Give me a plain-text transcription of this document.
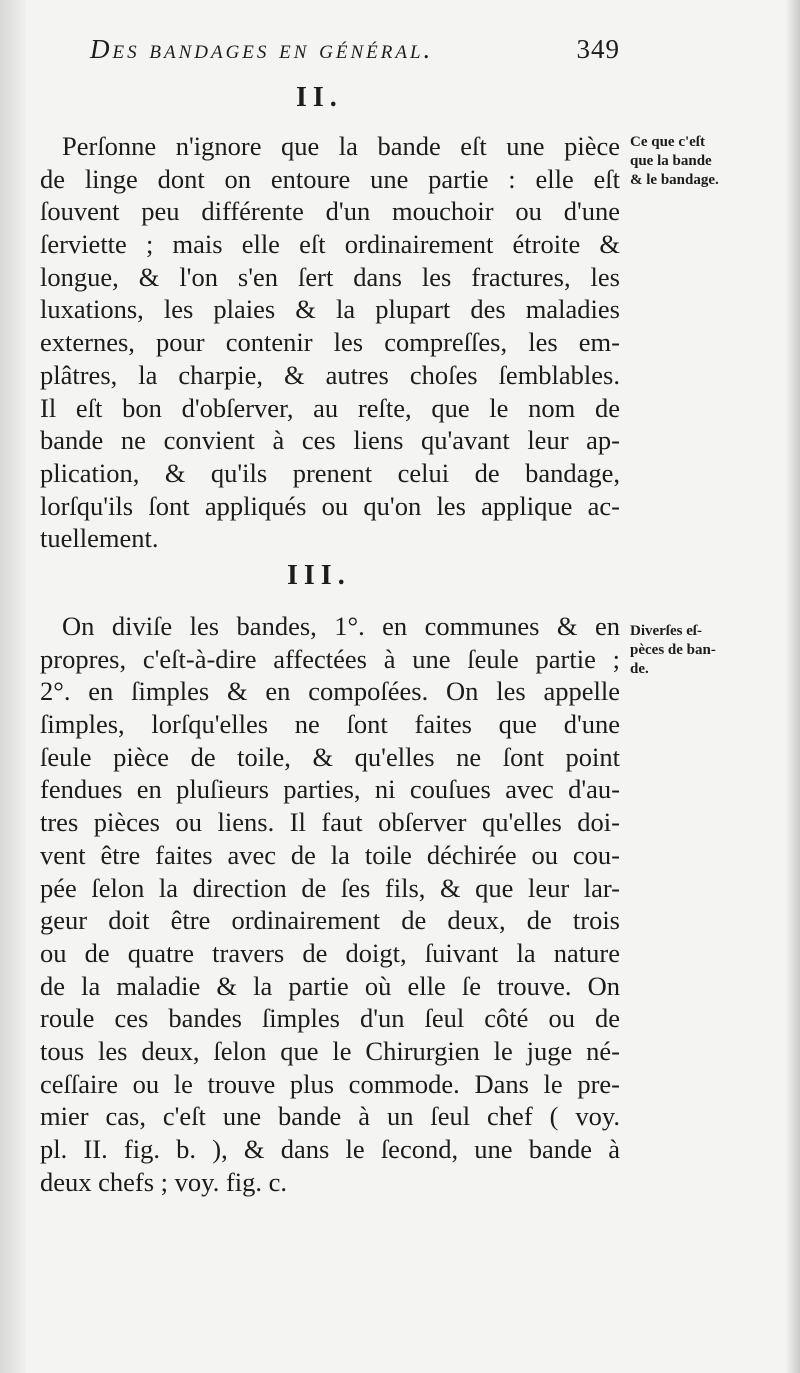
Des bandages en général.	349
II.
Perſonne n'ignore que la bande eſt une pièce
de linge dont on entoure une partie : elle eſt
ſouvent peu différente d'un mouchoir ou d'une
ſerviette ; mais elle eſt ordinairement étroite &
longue, & l'on s'en ſert dans les fractures, les
luxations, les plaies & la plupart des maladies
externes, pour contenir les compreſſes, les em-
plâtres, la charpie, & autres choſes ſemblables.
Il eſt bon d'obſerver, au reſte, que le nom de
bande ne convient à ces liens qu'avant leur ap-
plication, & qu'ils prenent celui de bandage,
lorſqu'ils ſont appliqués ou qu'on les applique ac-
tuellement.
Ce que c'eſt
que la bande
& le bandage.
III.
On diviſe les bandes, 1°. en communes & en
propres, c'eſt-à-dire affectées à une ſeule partie ;
2°. en ſimples & en compoſées. On les appelle
ſimples, lorſqu'elles ne ſont faites que d'une
ſeule pièce de toile, & qu'elles ne ſont point
fendues en pluſieurs parties, ni couſues avec d'au-
tres pièces ou liens. Il faut obſerver qu'elles doi-
vent être faites avec de la toile déchirée ou cou-
pée ſelon la direction de ſes fils, & que leur lar-
geur doit être ordinairement de deux, de trois
ou de quatre travers de doigt, ſuivant la nature
de la maladie & la partie où elle ſe trouve. On
roule ces bandes ſimples d'un ſeul côté ou de
tous les deux, ſelon que le Chirurgien le juge né-
ceſſaire ou le trouve plus commode. Dans le pre-
mier cas, c'eſt une bande à un ſeul chef ( voy.
pl. II. fig. b. ), & dans le ſecond, une bande à
deux chefs ; voy. fig. c.
Diverſes eſ-
pèces de ban-
de.
